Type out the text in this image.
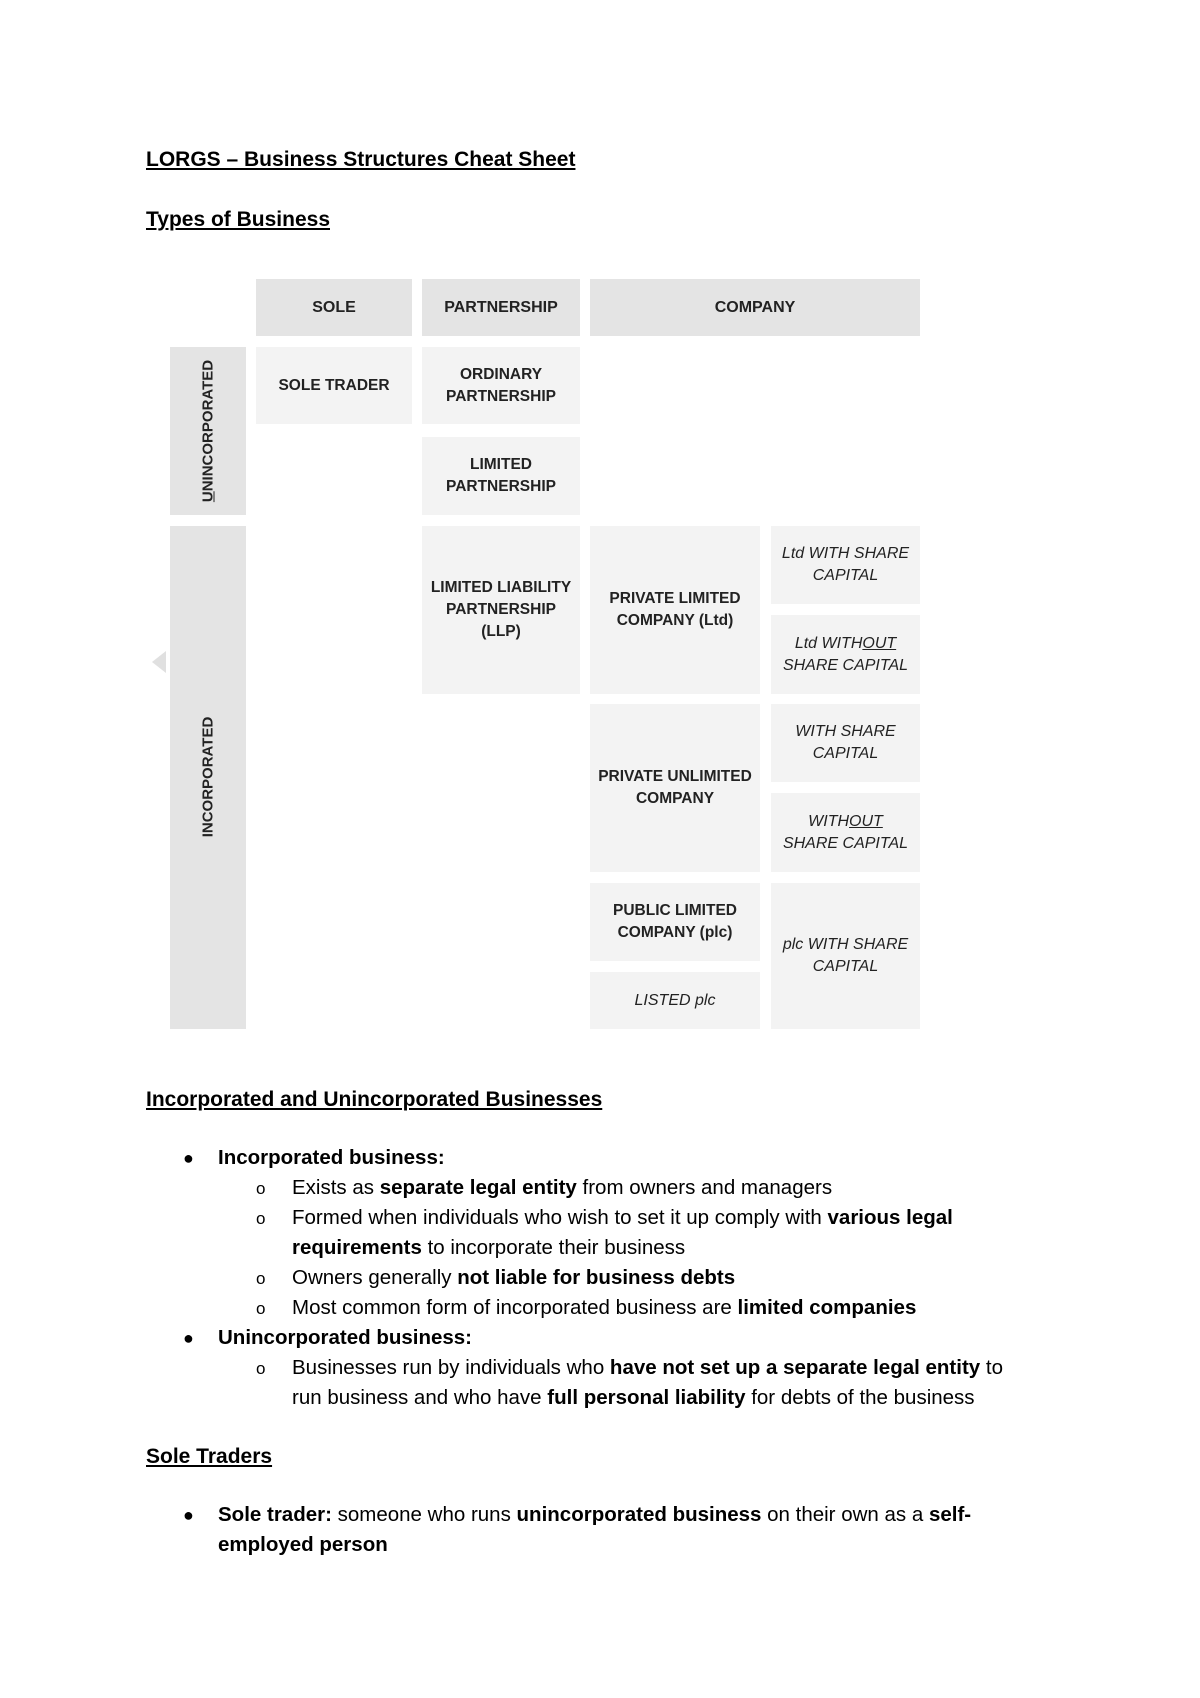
LORGS – Business Structures Cheat Sheet
Types of Business
SOLE	PARTNERSHIP	COMPANY
UNINCORPORATED
INCORPORATED
SOLE TRADER
ORDINARY PARTNERSHIP
LIMITED PARTNERSHIP
LIMITED LIABILITY PARTNERSHIP (LLP)
PRIVATE LIMITED COMPANY (Ltd)
PRIVATE UNLIMITED COMPANY
PUBLIC LIMITED COMPANY (plc)
LISTED plc
Ltd WITH SHARE CAPITAL
Ltd WITHOUT
SHARE CAPITAL
WITH SHARE CAPITAL
WITHOUT
SHARE CAPITAL
plc WITH SHARE CAPITAL
Incorporated and Unincorporated Businesses
● Incorporated business:
o Exists as separate legal entity from owners and managers
o Formed when individuals who wish to set it up comply with various legal
requirements to incorporate their business
o Owners generally not liable for business debts
o Most common form of incorporated business are limited companies
● Unincorporated business:
o Businesses run by individuals who have not set up a separate legal entity to
run business and who have full personal liability for debts of the business
Sole Traders
● Sole trader: someone who runs unincorporated business on their own as a self-
employed person
